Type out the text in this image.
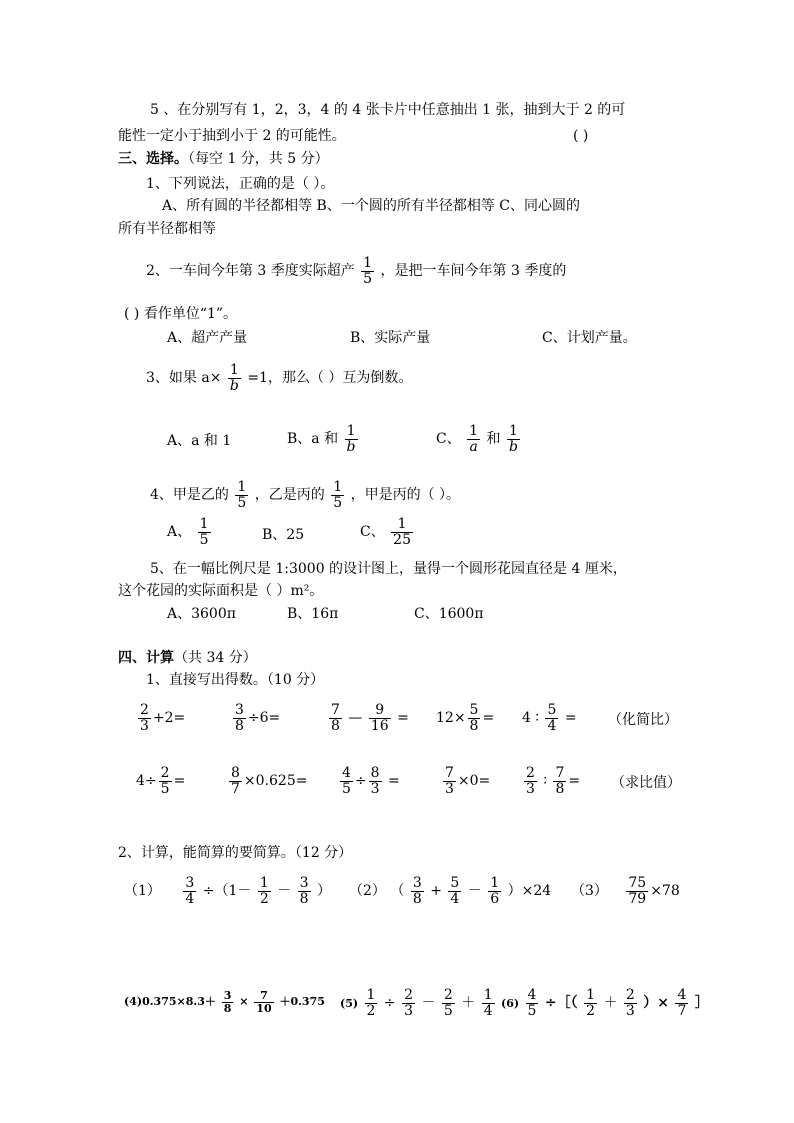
5 、在分别写有 1，2，3，4 的 4 张卡片中任意抽出 1 张，抽到大于 2 的可
能性一定小于抽到小于 2 的可能性。	( )
三、选择。（每空 1 分，共 5 分）
1、下列说法，正确的是（ ）。
A、所有圆的半径都相等 B、一个圆的所有半径都相等 C、同心圆的
所有半径都相等
2、一车间今年第 3 季度实际超产 $\frac{1}{5}$ ，是把一车间今年第 3 季度的
( ) 看作单位“1”。
A、超产产量	B、实际产量	C、计划产量。
3、如果 $a\times \frac{1}{b} =1$，那么（ ）互为倒数。
A、a 和 1	B、a 和 $\frac{1}{b}$	C、 $\frac{1}{a}$ 和 $\frac{1}{b}$
4、甲是乙的 $\frac{1}{5}$ ，乙是丙的 $\frac{1}{5}$ ，甲是丙的（ ）。
A、 $\frac{1}{5}$	B、25	C、 $\frac{1}{25}$
5、在一幅比例尺是 1:3000 的设计图上，量得一个圆形花园直径是 4 厘米，
这个花园的实际面积是（ ）m²。
A、3600π	B、16π	C、1600π
四、计算（共 34 分）
1、直接写出得数。（10 分）
$\frac{2}{3} +2=$	$\frac{3}{8} \div 6=$	$\frac{7}{8}$ — $\frac{9}{16} = 12\times \frac{5}{8} = 4$ ∶ $\frac{5}{4}$ = （化简比）
$4\div \frac{2}{5}$ =	$\frac{8}{7} \times 0.625= \frac{4}{5} \div \frac{8}{3}$ =	$\frac{7}{3} \times 0= \frac{2}{3}$ ∶ $\frac{7}{8}$ = （求比值）
2、计算，能简算的要简算。（12 分）
$(1) \frac{3}{4} \div(1- \frac{1}{2} - \frac{3}{8}$ ） （2） （ $\frac{3}{8} + \frac{5}{4} - \frac{1}{6} )\times 24$ $(3) \frac{75}{79} \times 78$
$(4)0.375\times 8.3+ \frac{3}{8} \times \frac{7}{10} +0.375$ $(5) \frac{1}{2} \div \frac{2}{3} - \frac{2}{5} + \frac{1}{4} (6) \frac{4}{5}$ ÷［（ $\frac{1}{2} + \frac{2}{3}$ ）× $\frac{4}{7}$ ］
